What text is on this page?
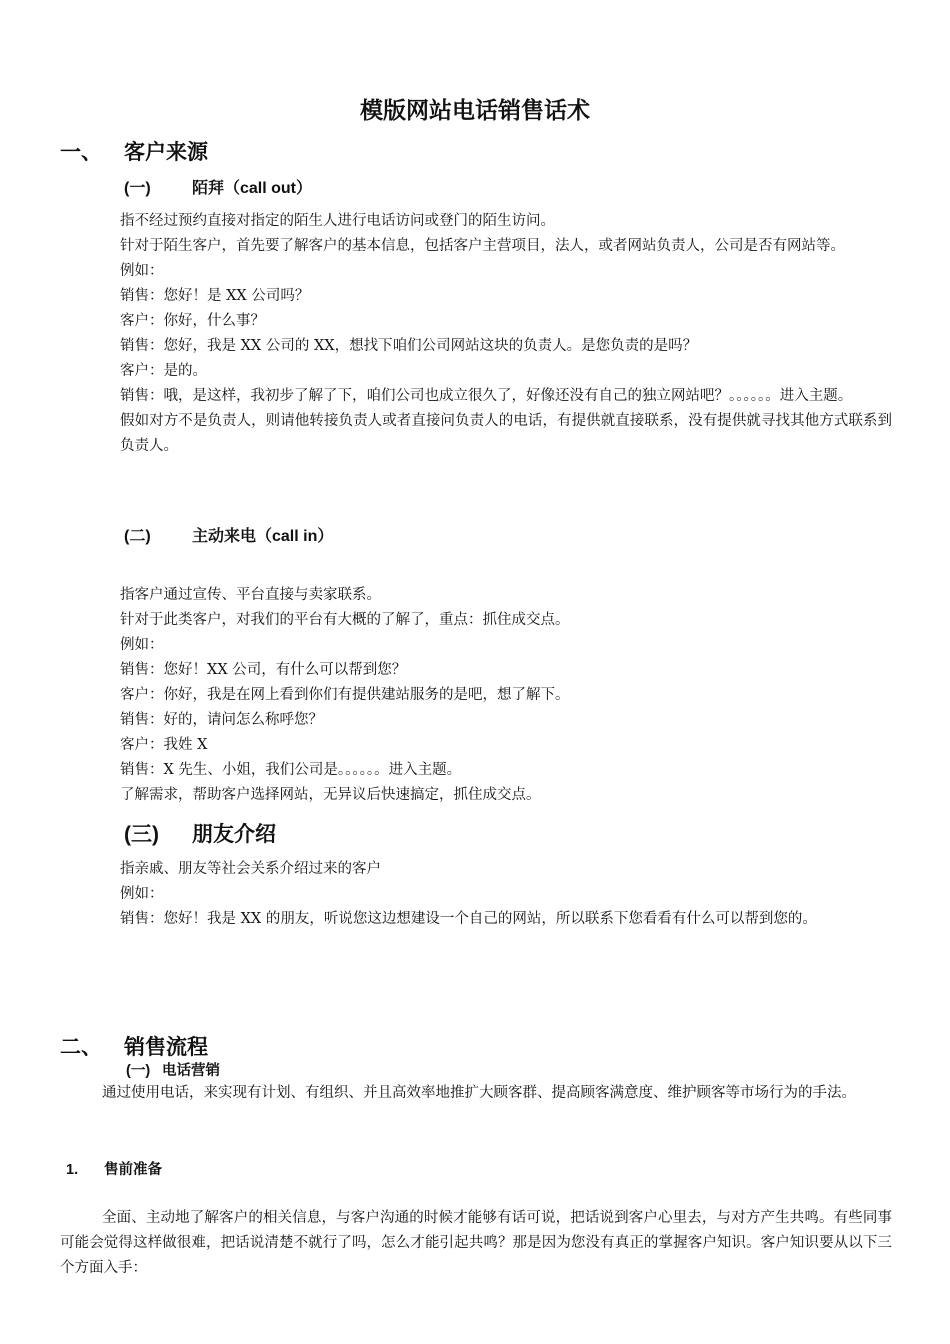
模版网站电话销售话术
一、 客户来源
(一)	陌拜（call out）

指不经过预约直接对指定的陌生人进行电话访问或登门的陌生访问。

针对于陌生客户，首先要了解客户的基本信息，包括客户主营项目，法人，或者网站负责人，公司是否有网站等。

例如：

销售：您好！是 XX 公司吗？

客户：你好，什么事？

销售：您好，我是 XX 公司的 XX，想找下咱们公司网站这块的负责人。是您负责的是吗？

客户：是的。

销售：哦，是这样，我初步了解了下，咱们公司也成立很久了，好像还没有自己的独立网站吧？。。。。。。进入主题。

假如对方不是负责人，则请他转接负责人或者直接问负责人的电话，有提供就直接联系，没有提供就寻找其他方式联系到负责人。

(二)	主动来电（call in）

指客户通过宣传、平台直接与卖家联系。

针对于此类客户，对我们的平台有大概的了解了，重点：抓住成交点。

例如：

销售：您好！XX 公司，有什么可以帮到您？

客户：你好，我是在网上看到你们有提供建站服务的是吧，想了解下。

销售：好的，请问怎么称呼您？

客户：我姓 X

销售：X 先生、小姐，我们公司是。。。。。。进入主题。

了解需求，帮助客户选择网站，无异议后快速搞定，抓住成交点。

(三) 朋友介绍

指亲戚、朋友等社会关系介绍过来的客户

例如：

销售：您好！我是 XX 的朋友，听说您这边想建设一个自己的网站，所以联系下您看看有什么可以帮到您的。

二、 销售流程
(一) 电话营销
通过使用电话，来实现有计划、有组织、并且高效率地推扩大顾客群、提高顾客满意度、维护顾客等市场行为的手法。
1. 售前准备
全面、主动地了解客户的相关信息，与客户沟通的时候才能够有话可说，把话说到客户心里去，与对方产生共鸣。有些同事可能会觉得这样做很难，把话说清楚不就行了吗，怎么才能引起共鸣？那是因为您没有真正的掌握客户知识。客户知识要从以下三个方面入手：
